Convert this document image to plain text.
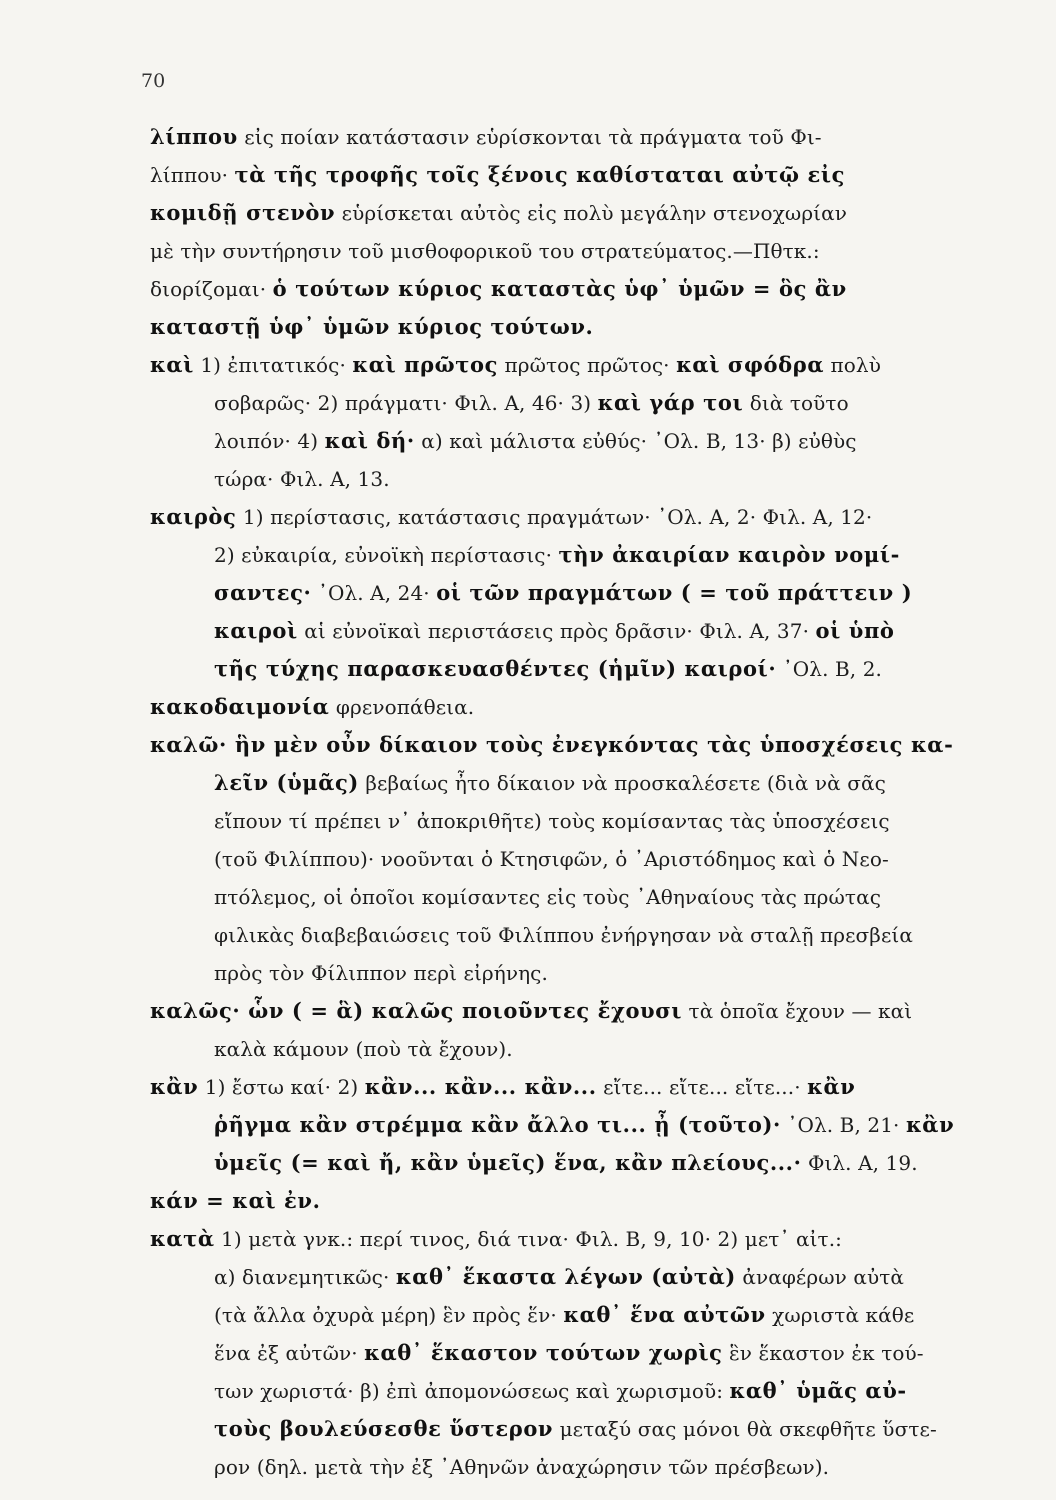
70
λίππου εἰς ποίαν κατάστασιν εὑρίσκονται τὰ πράγματα τοῦ Φι-
λίππου· τὰ τῆς τροφῆς τοῖς ξένοις καθίσταται αὐτῷ εἰς
κομιδῇ στενὸν εὑρίσκεται αὐτὸς εἰς πολὺ μεγάλην στενοχωρίαν
μὲ τὴν συντήρησιν τοῦ μισθοφορικοῦ του στρατεύματος.—Πθτκ.:
διορίζομαι· ὁ τούτων κύριος καταστὰς ὑφ᾽ ὑμῶν = ὃς ἂν
καταστῇ ὑφ᾽ ὑμῶν κύριος τούτων.
καὶ 1) ἐπιτατικός· καὶ πρῶτος πρῶτος πρῶτος· καὶ σφόδρα πολὺ
σοβαρῶς· 2) πράγματι· Φιλ. Α, 46· 3) καὶ γάρ τοι διὰ τοῦτο
λοιπόν· 4) καὶ δή· α) καὶ μάλιστα εὐθύς· ᾽Ολ. Β, 13· β) εὐθὺς
τώρα· Φιλ. Α, 13.
καιρὸς 1) περίστασις, κατάστασις πραγμάτων· ᾽Ολ. Α, 2· Φιλ. Α, 12·
2) εὐκαιρία, εὐνοϊκὴ περίστασις· τὴν ἀκαιρίαν καιρὸν νομί-
σαντες· ᾽Ολ. Α, 24· οἱ τῶν πραγμάτων ( = τοῦ πράττειν )
καιροὶ αἱ εὐνοϊκαὶ περιστάσεις πρὸς δρᾶσιν· Φιλ. Α, 37· οἱ ὑπὸ
τῆς τύχης παρασκευασθέντες (ἡμῖν) καιροί· ᾽Ολ. Β, 2.
κακοδαιμονία φρενοπάθεια.
καλῶ· ἣν μὲν οὖν δίκαιον τοὺς ἐνεγκόντας τὰς ὑποσχέσεις κα-
λεῖν (ὑμᾶς) βεβαίως ἦτο δίκαιον νὰ προσκαλέσετε (διὰ νὰ σᾶς
εἴπουν τί πρέπει ν᾽ ἀποκριθῆτε) τοὺς κομίσαντας τὰς ὑποσχέσεις
(τοῦ Φιλίππου)· νοοῦνται ὁ Κτησιφῶν, ὁ ᾽Αριστόδημος καὶ ὁ Νεο-
πτόλεμος, οἱ ὁποῖοι κομίσαντες εἰς τοὺς ᾽Αθηναίους τὰς πρώτας
φιλικὰς διαβεβαιώσεις τοῦ Φιλίππου ἐνήργησαν νὰ σταλῇ πρεσβεία
πρὸς τὸν Φίλιππον περὶ εἰρήνης.
καλῶς· ὧν ( = ἃ) καλῶς ποιοῦντες ἔχουσι τὰ ὁποῖα ἔχουν — καὶ
καλὰ κάμουν (ποὺ τὰ ἔχουν).
κἂν 1) ἔστω καί· 2) κἂν... κἂν... κἂν... εἴτε... εἴτε... εἴτε...· κἂν
ῥῆγμα κἂν στρέμμα κἂν ἄλλο τι... ᾖ (τοῦτο)· ᾽Ολ. Β, 21· κἂν
ὑμεῖς (= καὶ ἤ, κἂν ὑμεῖς) ἕνα, κἂν πλείους...· Φιλ. Α, 19.
κάν = καὶ ἐν.
κατὰ 1) μετὰ γνκ.: περί τινος, διά τινα· Φιλ. Β, 9, 10· 2) μετ᾽ αἰτ.:
α) διανεμητικῶς· καθ᾽ ἕκαστα λέγων (αὐτὰ) ἀναφέρων αὐτὰ
(τὰ ἄλλα ὀχυρὰ μέρη) ἓν πρὸς ἕν· καθ᾽ ἕνα αὐτῶν χωριστὰ κάθε
ἕνα ἐξ αὐτῶν· καθ᾽ ἕκαστον τούτων χωρὶς ἓν ἕκαστον ἐκ τού-
των χωριστά· β) ἐπὶ ἀπομονώσεως καὶ χωρισμοῦ: καθ᾽ ὑμᾶς αὐ-
τοὺς βουλεύσεσθε ὕστερον μεταξύ σας μόνοι θὰ σκεφθῆτε ὕστε-
ρον (δηλ. μετὰ τὴν ἐξ ᾽Αθηνῶν ἀναχώρησιν τῶν πρέσβεων).
